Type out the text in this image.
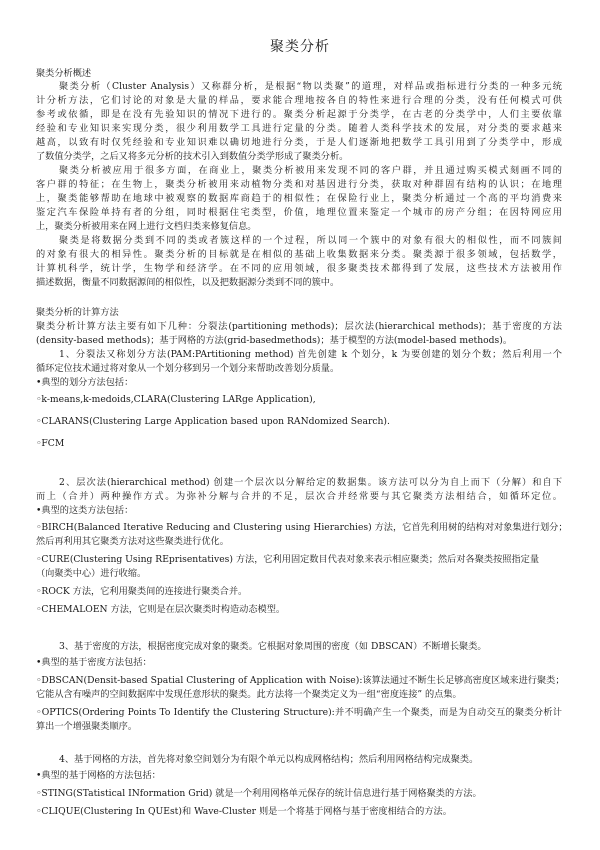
聚类分析
聚类分析概述
聚类分析（Cluster Analysis）又称群分析，是根据“物以类聚”的道理，对样品或指标进行分类的一种多元统
计分析方法，它们讨论的对象是大量的样品，要求能合理地按各自的特性来进行合理的分类，没有任何模式可供
参考或依循，即是在没有先验知识的情况下进行的。聚类分析起源于分类学，在古老的分类学中，人们主要依靠
经验和专业知识来实现分类，很少利用数学工具进行定量的分类。随着人类科学技术的发展，对分类的要求越来
越高，以致有时仅凭经验和专业知识难以确切地进行分类，于是人们逐渐地把数学工具引用到了分类学中，形成
了数值分类学，之后又将多元分析的技术引入到数值分类学形成了聚类分析。
聚类分析被应用于很多方面，在商业上，聚类分析被用来发现不同的客户群，并且通过购买模式刻画不同的
客户群的特征；在生物上，聚类分析被用来动植物分类和对基因进行分类，获取对种群固有结构的认识；在地理
上，聚类能够帮助在地球中被观察的数据库商趋于的相似性；在保险行业上，聚类分析通过一个高的平均消费来
鉴定汽车保险单持有者的分组，同时根据住宅类型，价值，地理位置来鉴定一个城市的房产分组；在因特网应用
上，聚类分析被用来在网上进行文档归类来修复信息。
聚类是将数据分类到不同的类或者簇这样的一个过程，所以同一个簇中的对象有很大的相似性，而不同簇间
的对象有很大的相异性。聚类分析的目标就是在相似的基础上收集数据来分类。聚类源于很多领域，包括数学，
计算机科学，统计学，生物学和经济学。在不同的应用领域，很多聚类技术都得到了发展，这些技术方法被用作
描述数据，衡量不同数据源间的相似性，以及把数据源分类到不同的簇中。
聚类分析的计算方法
聚类分析计算方法主要有如下几种：分裂法(partitioning methods)；层次法(hierarchical methods)；基于密度的方法
(density-based methods)；基于网格的方法(grid-basedmethods)；基于模型的方法(model-based methods)。
1、分裂法又称划分方法(PAM:PArtitioning method) 首先创建 k 个划分，k 为要创建的划分个数；然后利用一个
循环定位技术通过将对象从一个划分移到另一个划分来帮助改善划分质量。
•典型的划分方法包括：
◦k-means,k-medoids,CLARA(Clustering LARge Application),
◦CLARANS(Clustering Large Application based upon RANdomized Search).
◦FCM
2、层次法(hierarchical method) 创建一个层次以分解给定的数据集。该方法可以分为自上而下（分解）和自下
而上（合并）两种操作方式。为弥补分解与合并的不足，层次合并经常要与其它聚类方法相结合，如循环定位。
•典型的这类方法包括：
◦BIRCH(Balanced Iterative Reducing and Clustering using Hierarchies) 方法，它首先利用树的结构对对象集进行划分；
然后再利用其它聚类方法对这些聚类进行优化。
◦CURE(Clustering Using REprisentatives) 方法，它利用固定数目代表对象来表示相应聚类；然后对各聚类按照指定量
（向聚类中心）进行收缩。
◦ROCK 方法，它利用聚类间的连接进行聚类合并。
◦CHEMALOEN 方法，它则是在层次聚类时构造动态模型。
3、基于密度的方法，根据密度完成对象的聚类。它根据对象周围的密度（如 DBSCAN）不断增长聚类。
•典型的基于密度方法包括：
◦DBSCAN(Densit-based Spatial Clustering of Application with Noise):该算法通过不断生长足够高密度区域来进行聚类；
它能从含有噪声的空间数据库中发现任意形状的聚类。此方法将一个聚类定义为一组“密度连接” 的点集。
◦OPTICS(Ordering Points To Identify the Clustering Structure):并不明确产生一个聚类，而是为自动交互的聚类分析计
算出一个增强聚类顺序。
4、基于网格的方法，首先将对象空间划分为有限个单元以构成网格结构；然后利用网格结构完成聚类。
•典型的基于网格的方法包括：
◦STING(STatistical INformation Grid) 就是一个利用网格单元保存的统计信息进行基于网格聚类的方法。
◦CLIQUE(Clustering In QUEst)和 Wave-Cluster 则是一个将基于网格与基于密度相结合的方法。
